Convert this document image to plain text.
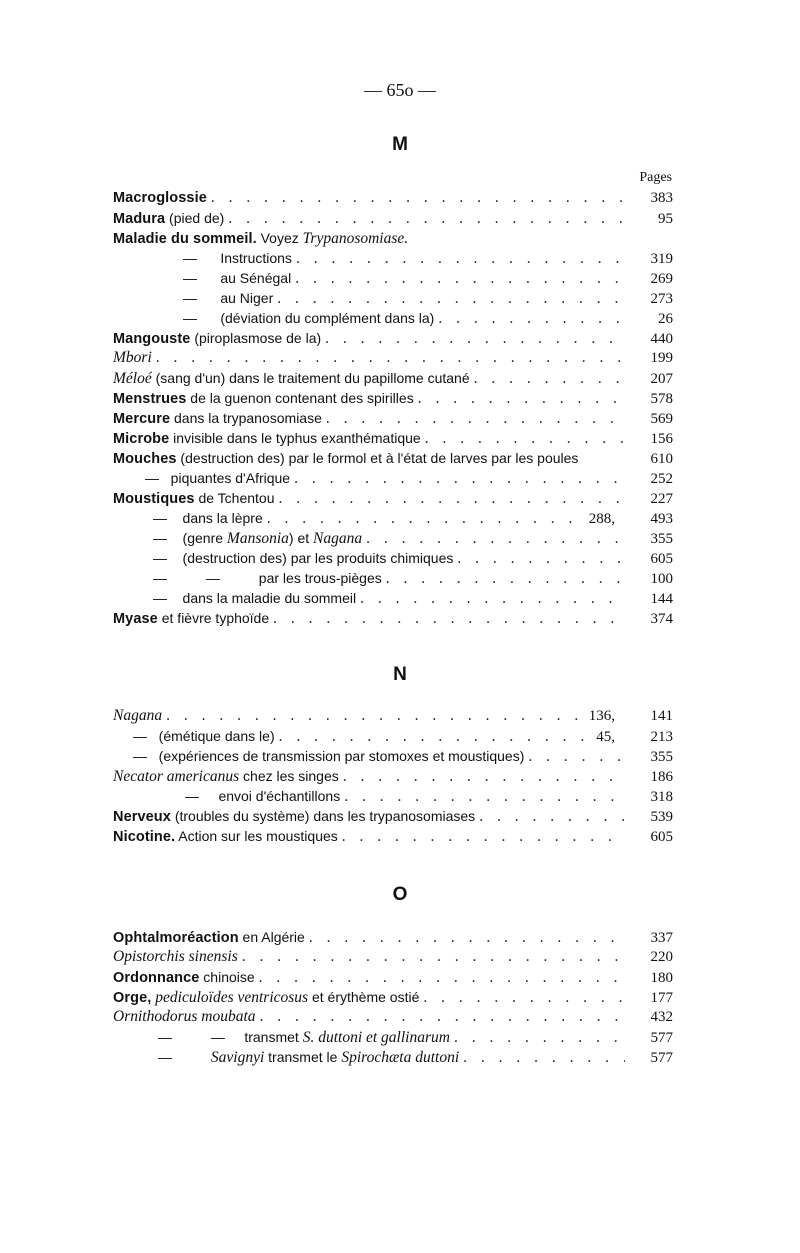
— 65o —
M
Pages
Macroglossie . . .	383
Madura (pied de) . . .	95
Maladie du sommeil. Voyez Trypanosomiase.
—      Instructions . . .	319
—      au Sénégal . . .	269
—      au Niger . . .	273
—      (déviation du complément dans la) . . .	26
Mangouste (piroplasmose de la) . . .	440
Mbori . . .	199
Méloé (sang d'un) dans le traitement du papillome cutané . . .	207
Menstrues de la guenon contenant des spirilles . . .	578
Mercure dans la trypanosomiase . . .	569
Microbe invisible dans le typhus exanthématique . . .	156
Mouches (destruction des) par le formol et à l'état de larves par les poules	610
—   piquantes d'Afrique . . .	252
Moustiques de Tchentou . . .	227
—    dans la lèpre . . .	288,	493
—    (genre Mansonia) et Nagana . . .	355
—    (destruction des) par les produits chimiques . . .	605
—          —          par les trous-pièges . . .	100
—    dans la maladie du sommeil . . .	144
Myase et fièvre typhoïde . . .	374
N
Nagana . . .	136,	141
—   (émétique dans le) . . .	45,	213
—   (expériences de transmission par stomoxes et moustiques) . . .	355
Necator americanus chez les singes . . .	186
—     envoi d'échantillons . . .	318
Nerveux (troubles du système) dans les trypanosomiases . . .	539
Nicotine. Action sur les moustiques . . .	605
O
Ophtalmoréaction en Algérie . . .	337
Opistorchis sinensis . . .	220
Ordonnance chinoise . . .	180
Orge, pediculoïdes ventricosus et érythème ostié . . .	177
Ornithodorus moubata . . .	432
—          —     transmet S. duttoni et gallinarum . . .	577
—	Savignyi transmet le Spirochæta duttoni . . .	577
